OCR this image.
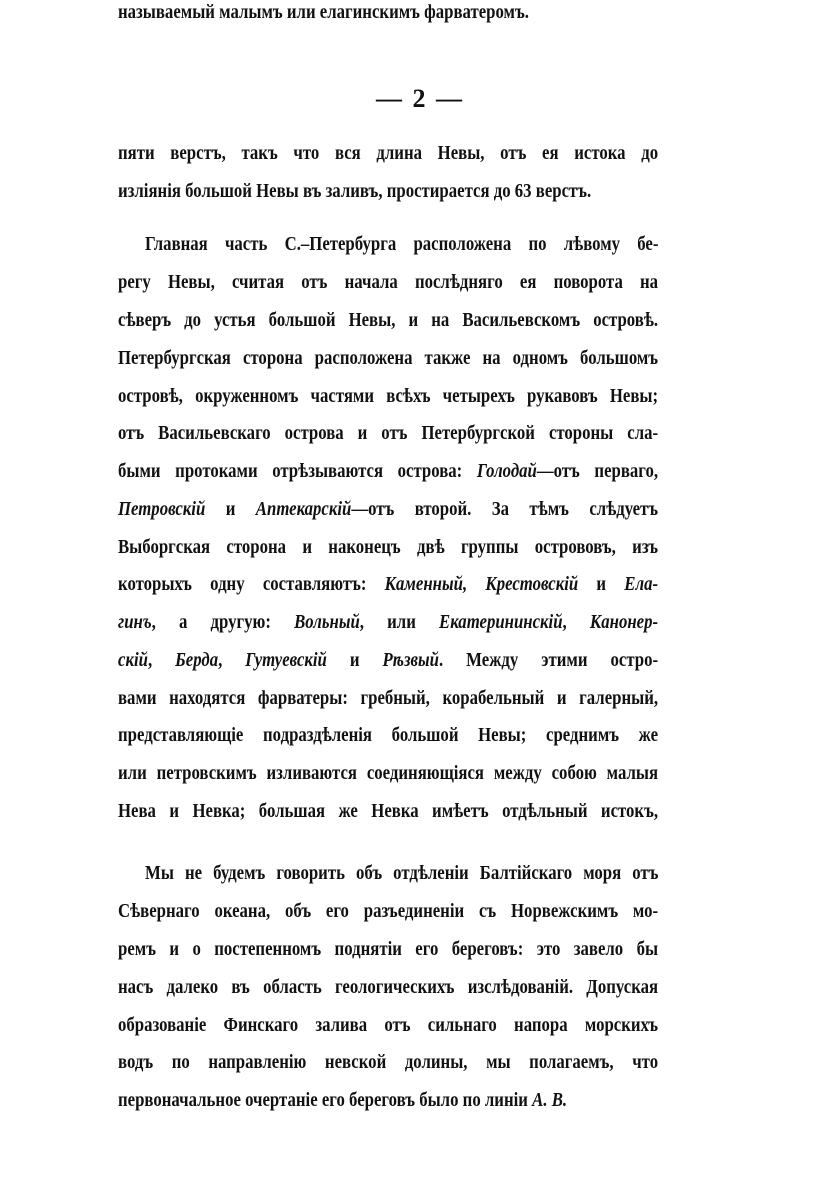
— 2 —
пяти верстъ, такъ что вся длина Невы, отъ ея истока до
изліянія большой Невы въ заливъ, простирается до 63 верстъ.
Главная часть С.–Петербурга расположена по лѣвому бе-
регу Невы, считая отъ начала послѣдняго ея поворота на
сѣверъ до устья большой Невы, и на Васильевскомъ островѣ.
Петербургская сторона расположена также на одномъ большомъ
островѣ, окруженномъ частями всѣхъ четырехъ рукавовъ Невы;
отъ Васильевскаго острова и отъ Петербургской стороны сла-
быми протоками отрѣзываются острова: Голодай—отъ перваго,
Петровскій и Аптекарскій—отъ второй. За тѣмъ слѣдуетъ
Выборгская сторона и наконецъ двѣ группы острововъ, изъ
которыхъ одну составляютъ: Каменный, Крестовскій и Ела-
гинъ, а другую: Вольный, или Екатерининскій, Канонер-
скій, Берда, Гутуевскій и Рѣзвый. Между этими остро-
вами находятся фарватеры: гребный, корабельный и галерный,
представляющіе подраздѣленія большой Невы; среднимъ же
или петровскимъ изливаются соединяющіяся между собою малыя
Нева и Невка; большая же Невка имѣетъ отдѣльный истокъ,
называемый малымъ или елагинскимъ фарватеромъ.
Мы не будемъ говорить объ отдѣленіи Балтійскаго моря отъ
Сѣвернаго океана, объ его разъединеніи съ Норвежскимъ мо-
ремъ и о постепенномъ поднятіи его береговъ: это завело бы
насъ далеко въ область геологическихъ изслѣдованій. Допуская
образованіе Финскаго залива отъ сильнаго напора морскихъ
водъ по направленію невской долины, мы полагаемъ, что
первоначальное очертаніе его береговъ было по линіи A. B.
